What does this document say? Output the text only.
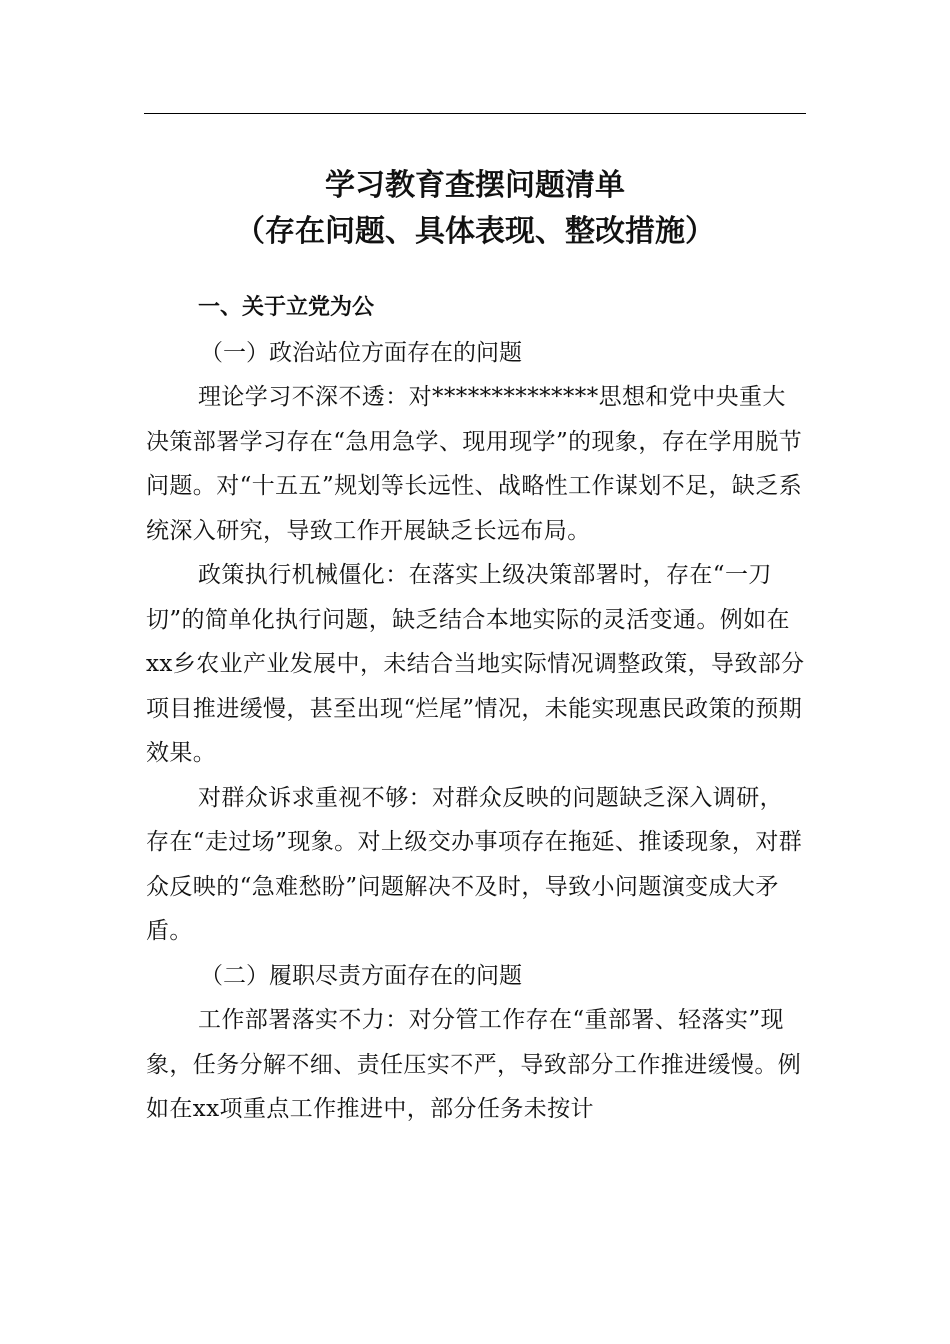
学习教育查摆问题清单
（存在问题、具体表现、整改措施）

一、关于立党为公

（一）政治站位方面存在的问题

理论学习不深不透：对**************思想和党中央重大决策部署学习存在“急用急学、现用现学”的现象，存在学用脱节问题。对“十五五”规划等长远性、战略性工作谋划不足，缺乏系统深入研究，导致工作开展缺乏长远布局。

政策执行机械僵化：在落实上级决策部署时，存在“一刀切”的简单化执行问题，缺乏结合本地实际的灵活变通。例如在xx乡农业产业发展中，未结合当地实际情况调整政策，导致部分项目推进缓慢，甚至出现“烂尾”情况，未能实现惠民政策的预期效果。

对群众诉求重视不够：对群众反映的问题缺乏深入调研，存在“走过场”现象。对上级交办事项存在拖延、推诿现象，对群众反映的“急难愁盼”问题解决不及时，导致小问题演变成大矛盾。

（二）履职尽责方面存在的问题

工作部署落实不力：对分管工作存在“重部署、轻落实”现象，任务分解不细、责任压实不严，导致部分工作推进缓慢。例如在xx项重点工作推进中，部分任务未按计
